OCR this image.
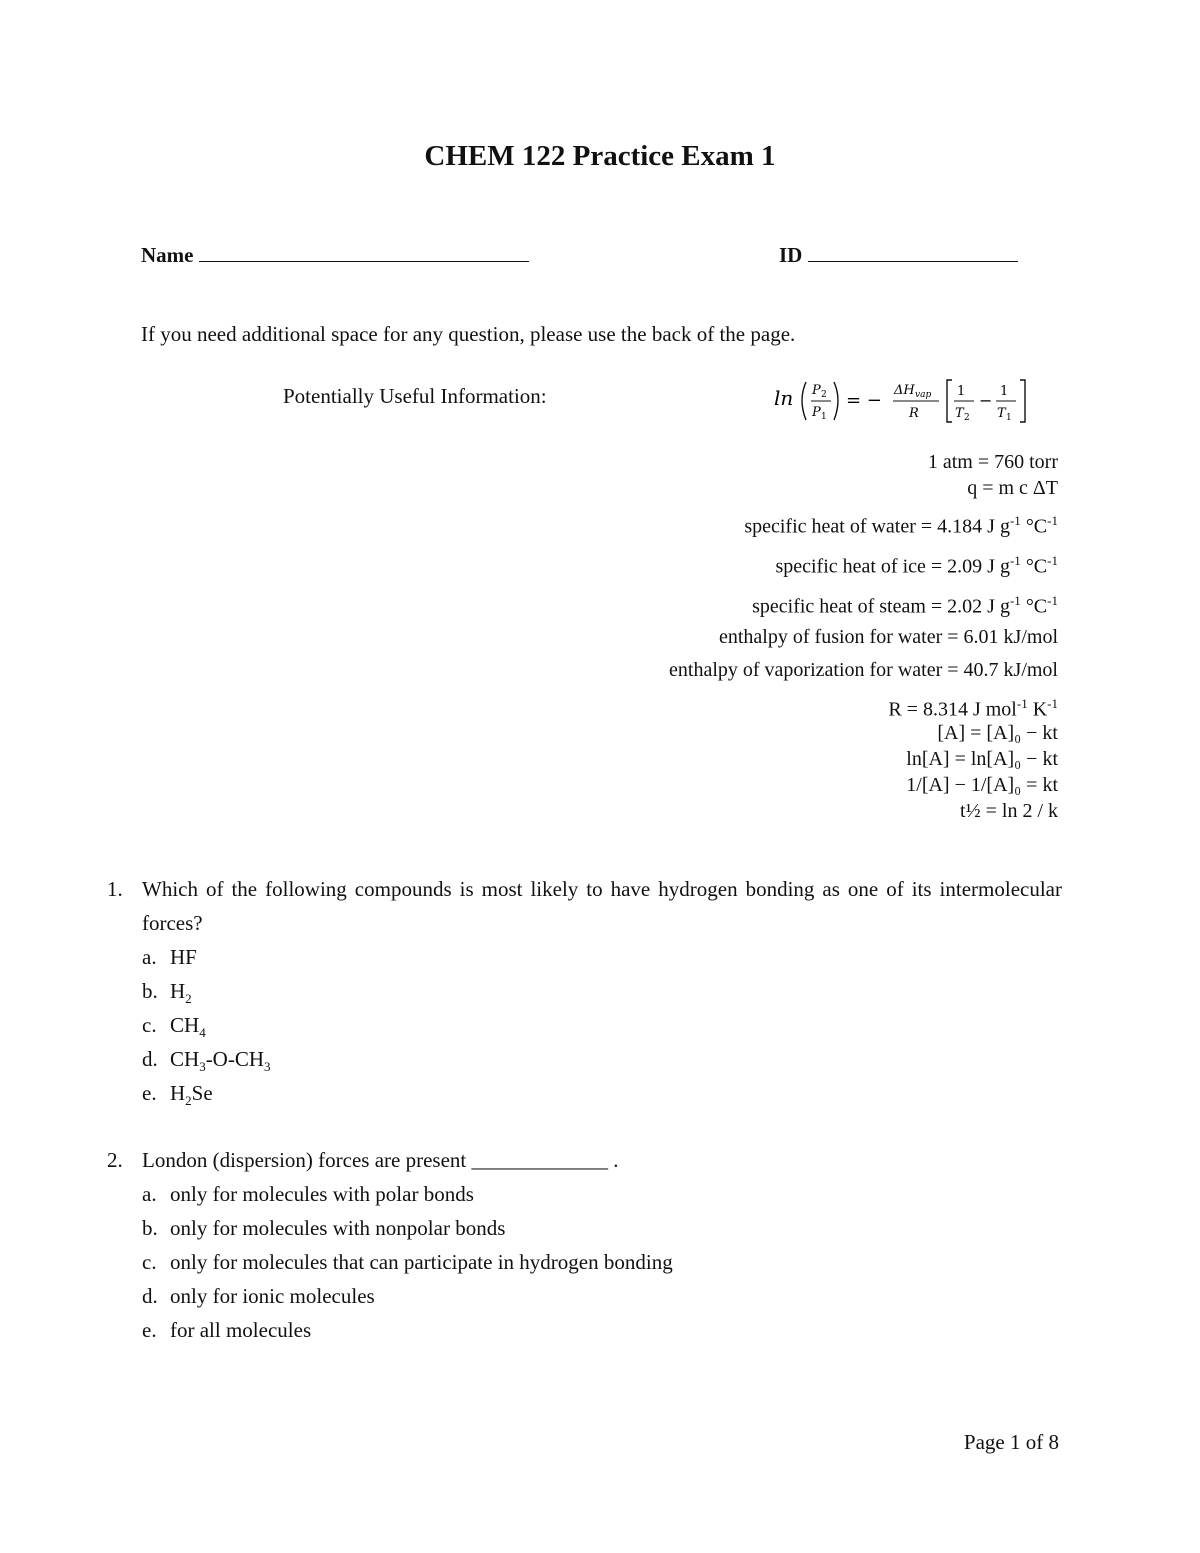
CHEM 122 Practice Exam 1
Name	ID
If you need additional space for any question, please use the back of the page.
Potentially Useful Information:	ln P 2
P 1
= − ΔH vap
R
1
T 2
− 1
T 1
1 atm = 760 torr
q = m c ΔT
specific heat of water = 4.184 J $g^{-1}$ $^\circ C^{-1}$
specific heat of ice = 2.09 J $g^{-1}$ $^\circ C^{-1}$
specific heat of steam = 2.02 J $g^{-1}$ $^\circ C^{-1}$
enthalpy of fusion for water = 6.01 kJ/mol
enthalpy of vaporization for water = 40.7 kJ/mol
R = 8.314 J mol$^{-1}$ $K^{-1}$
[A] = [A]₀ − kt
ln[A] = ln[A]₀ − kt
1/[A] − 1/[A]₀ = kt
t½ = ln 2 / k
1. Which of the following compounds is most likely to have hydrogen bonding as one of its intermolecular forces?
a. HF
b. $H_2$
c. $CH_4$
d. $CH_3-O-CH_3$
e. $H_2Se$
2. London (dispersion) forces are present _____________ .
a. only for molecules with polar bonds
b. only for molecules with nonpolar bonds
c. only for molecules that can participate in hydrogen bonding
d. only for ionic molecules
e. for all molecules
Page 1 of 8
